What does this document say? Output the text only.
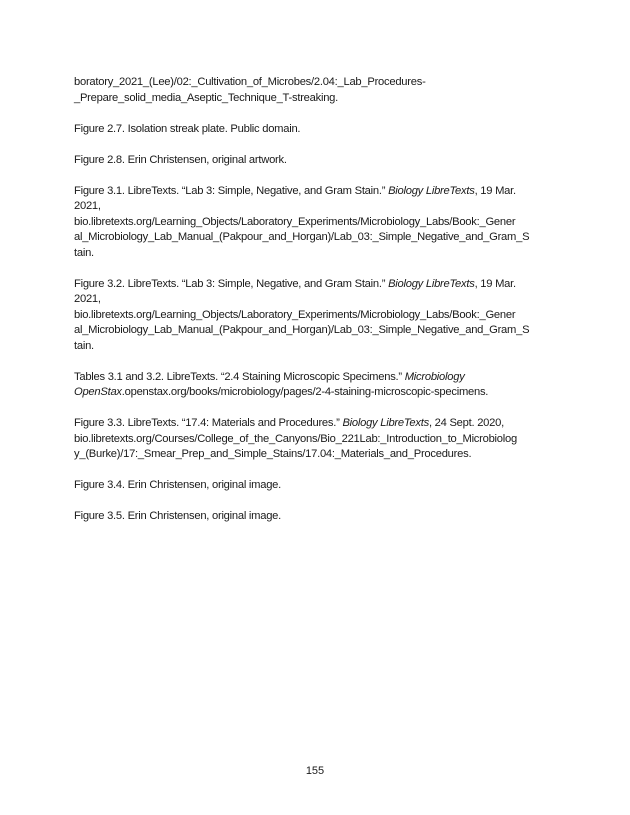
boratory_2021_(Lee)/02:_Cultivation_of_Microbes/2.04:_Lab_Procedures-
_Prepare_solid_media_Aseptic_Technique_T-streaking.

Figure 2.7. Isolation streak plate. Public domain.

Figure 2.8. Erin Christensen, original artwork.

Figure 3.1. LibreTexts. “Lab 3: Simple, Negative, and Gram Stain.” Biology LibreTexts, 19 Mar.
2021,
bio.libretexts.org/Learning_Objects/Laboratory_Experiments/Microbiology_Labs/Book:_Gener
al_Microbiology_Lab_Manual_(Pakpour_and_Horgan)/Lab_03:_Simple_Negative_and_Gram_S
tain.

Figure 3.2. LibreTexts. “Lab 3: Simple, Negative, and Gram Stain.” Biology LibreTexts, 19 Mar.
2021,
bio.libretexts.org/Learning_Objects/Laboratory_Experiments/Microbiology_Labs/Book:_Gener
al_Microbiology_Lab_Manual_(Pakpour_and_Horgan)/Lab_03:_Simple_Negative_and_Gram_S
tain.

Tables 3.1 and 3.2. LibreTexts. “2.4 Staining Microscopic Specimens.” Microbiology
OpenStax.openstax.org/books/microbiology/pages/2-4-staining-microscopic-specimens.

Figure 3.3. LibreTexts. “17.4: Materials and Procedures.” Biology LibreTexts, 24 Sept. 2020,
bio.libretexts.org/Courses/College_of_the_Canyons/Bio_221Lab:_Introduction_to_Microbiolog
y_(Burke)/17:_Smear_Prep_and_Simple_Stains/17.04:_Materials_and_Procedures.

Figure 3.4. Erin Christensen, original image.

Figure 3.5. Erin Christensen, original image.

155
